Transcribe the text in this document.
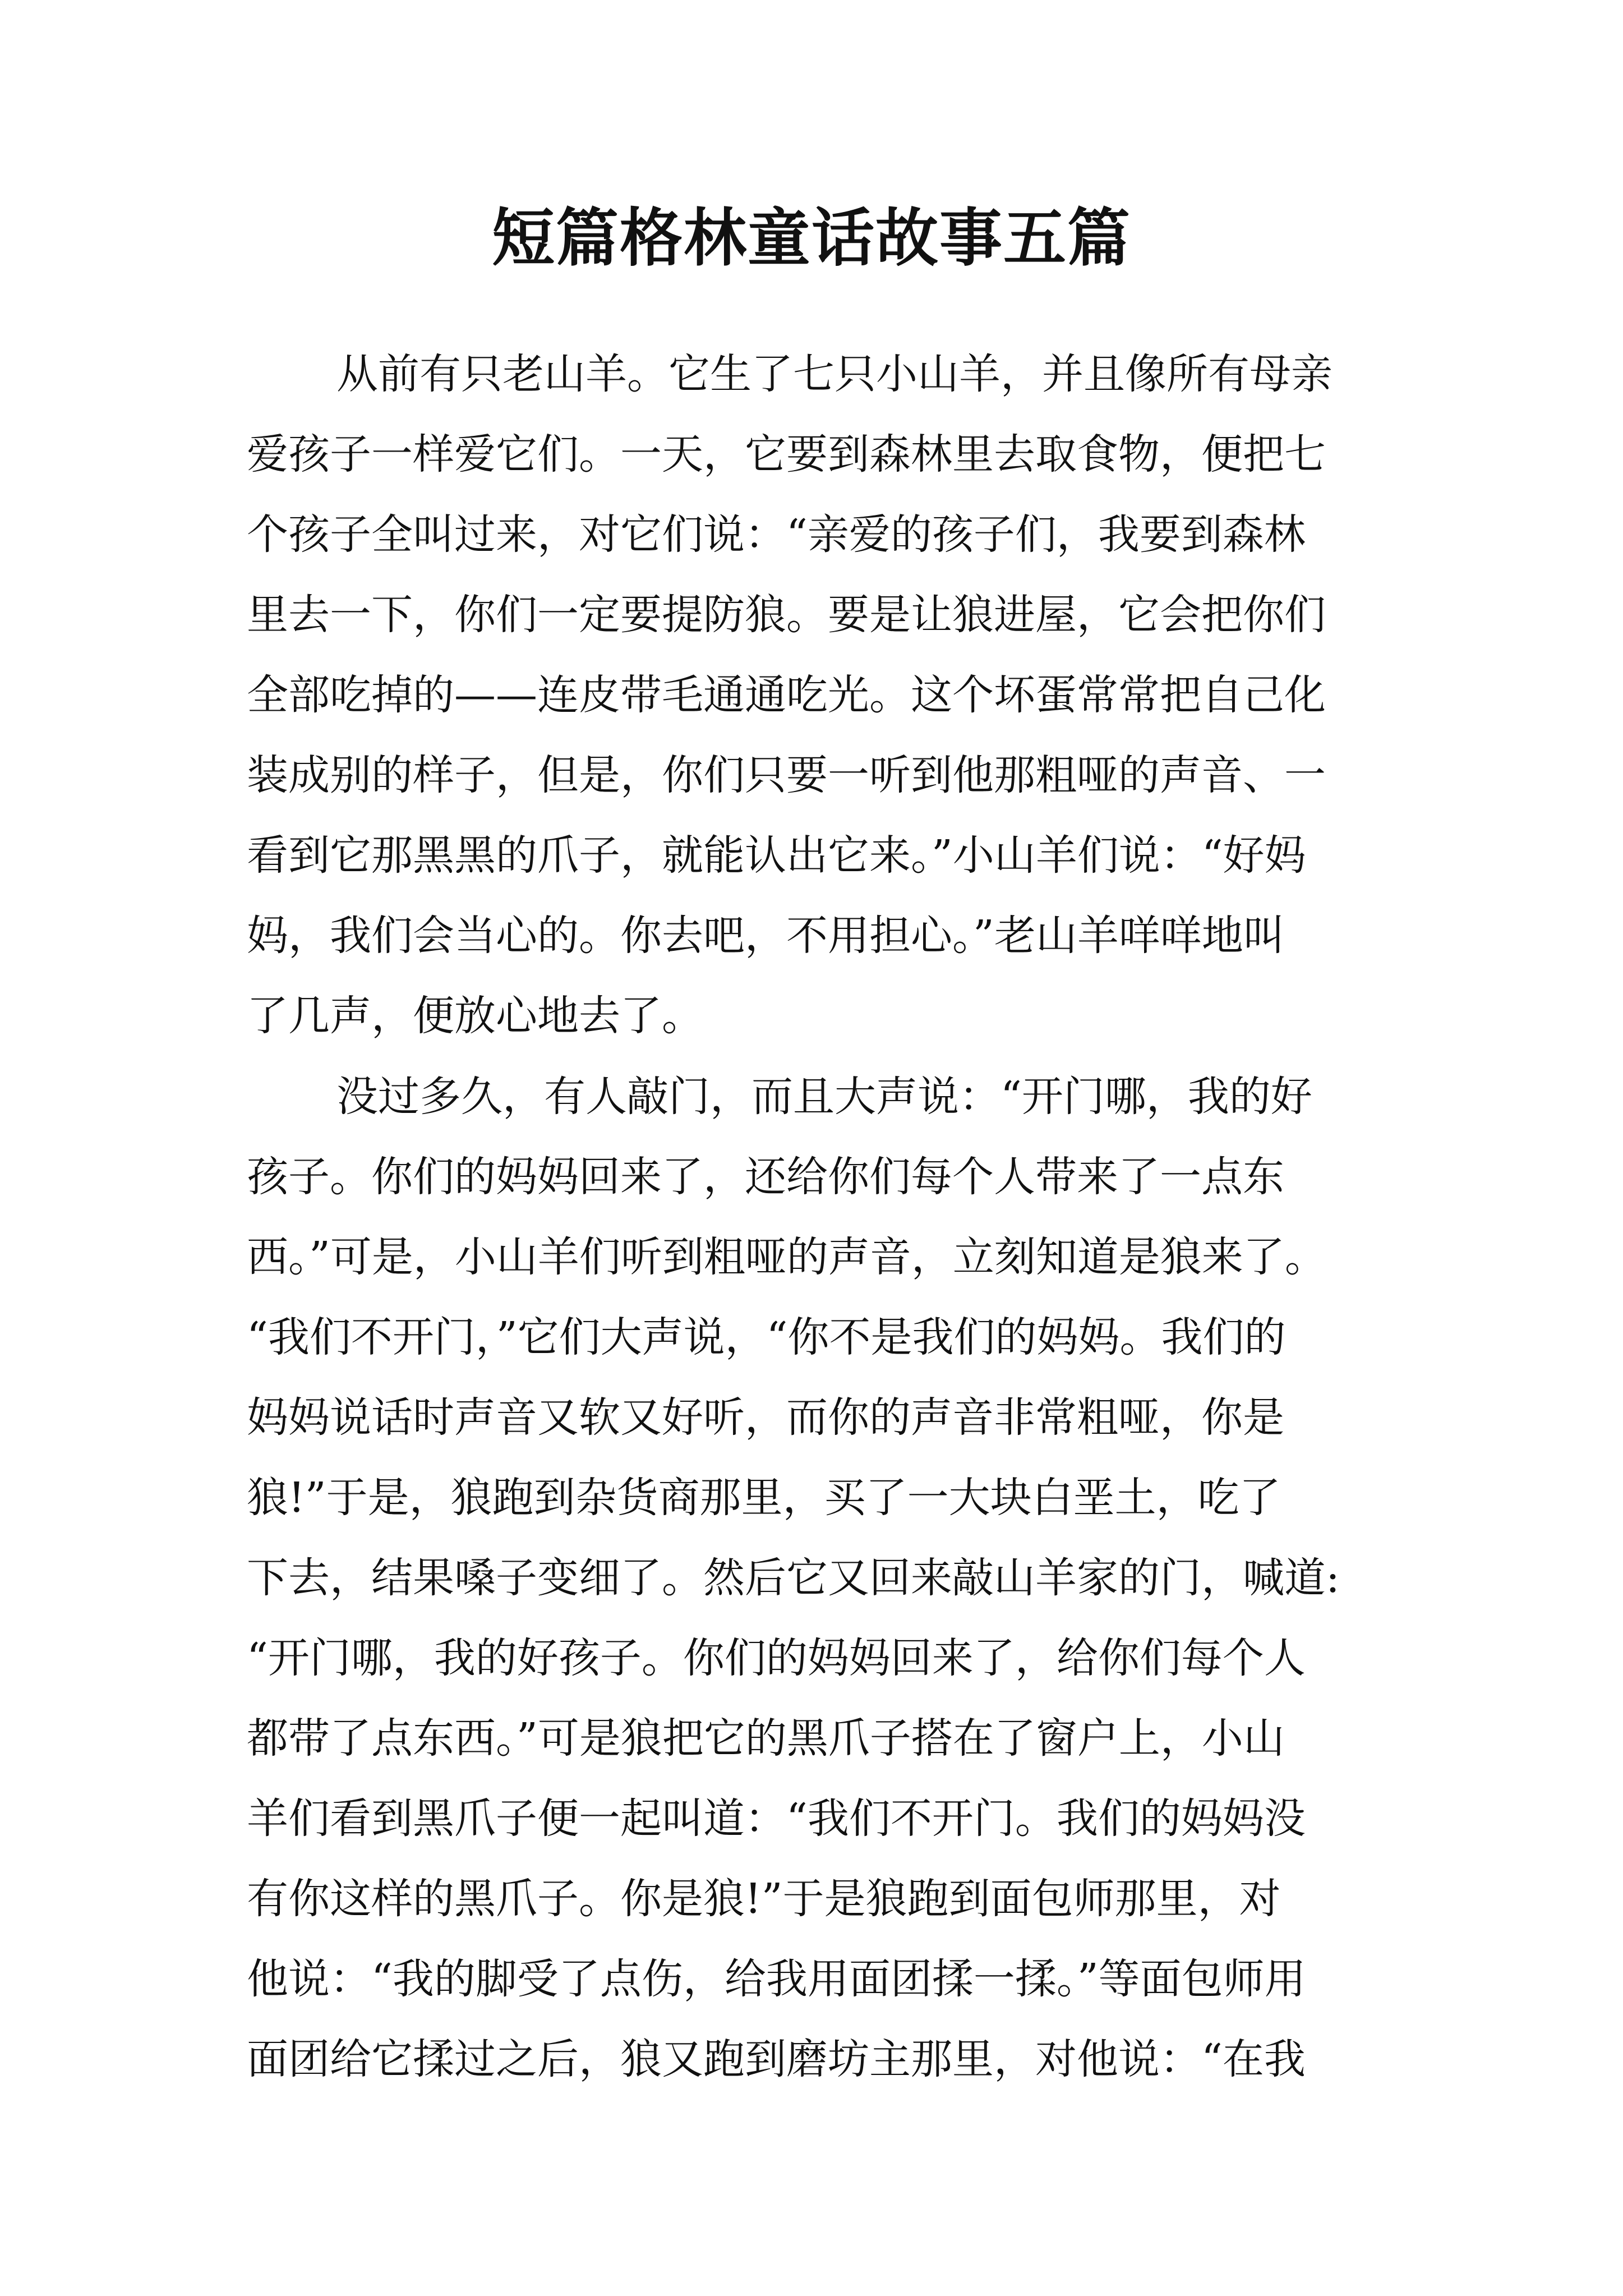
短篇格林童话故事五篇
从前有只老山羊。它生了七只小山羊，并且像所有母亲
爱孩子一样爱它们。一天，它要到森林里去取食物，便把七
个孩子全叫过来，对它们说：“亲爱的孩子们，我要到森林
里去一下，你们一定要提防狼。要是让狼进屋，它会把你们
全部吃掉的——连皮带毛通通吃光。这个坏蛋常常把自己化
装成别的样子，但是，你们只要一听到他那粗哑的声音、一
看到它那黑黑的爪子，就能认出它来。”小山羊们说：“好妈
妈，我们会当心的。你去吧，不用担心。”老山羊咩咩地叫
了几声，便放心地去了。
没过多久，有人敲门，而且大声说：“开门哪，我的好
孩子。你们的妈妈回来了，还给你们每个人带来了一点东
西。”可是，小山羊们听到粗哑的声音，立刻知道是狼来了。
“我们不开门，”它们大声说，“你不是我们的妈妈。我们的
妈妈说话时声音又软又好听，而你的声音非常粗哑，你是
狼!”于是，狼跑到杂货商那里，买了一大块白垩土，吃了
下去，结果嗓子变细了。然后它又回来敲山羊家的门，喊道:
“开门哪，我的好孩子。你们的妈妈回来了，给你们每个人
都带了点东西。”可是狼把它的黑爪子搭在了窗户上，小山
羊们看到黑爪子便一起叫道：“我们不开门。我们的妈妈没
有你这样的黑爪子。你是狼!”于是狼跑到面包师那里，对
他说：“我的脚受了点伤，给我用面团揉一揉。”等面包师用
面团给它揉过之后，狼又跑到磨坊主那里，对他说：“在我
